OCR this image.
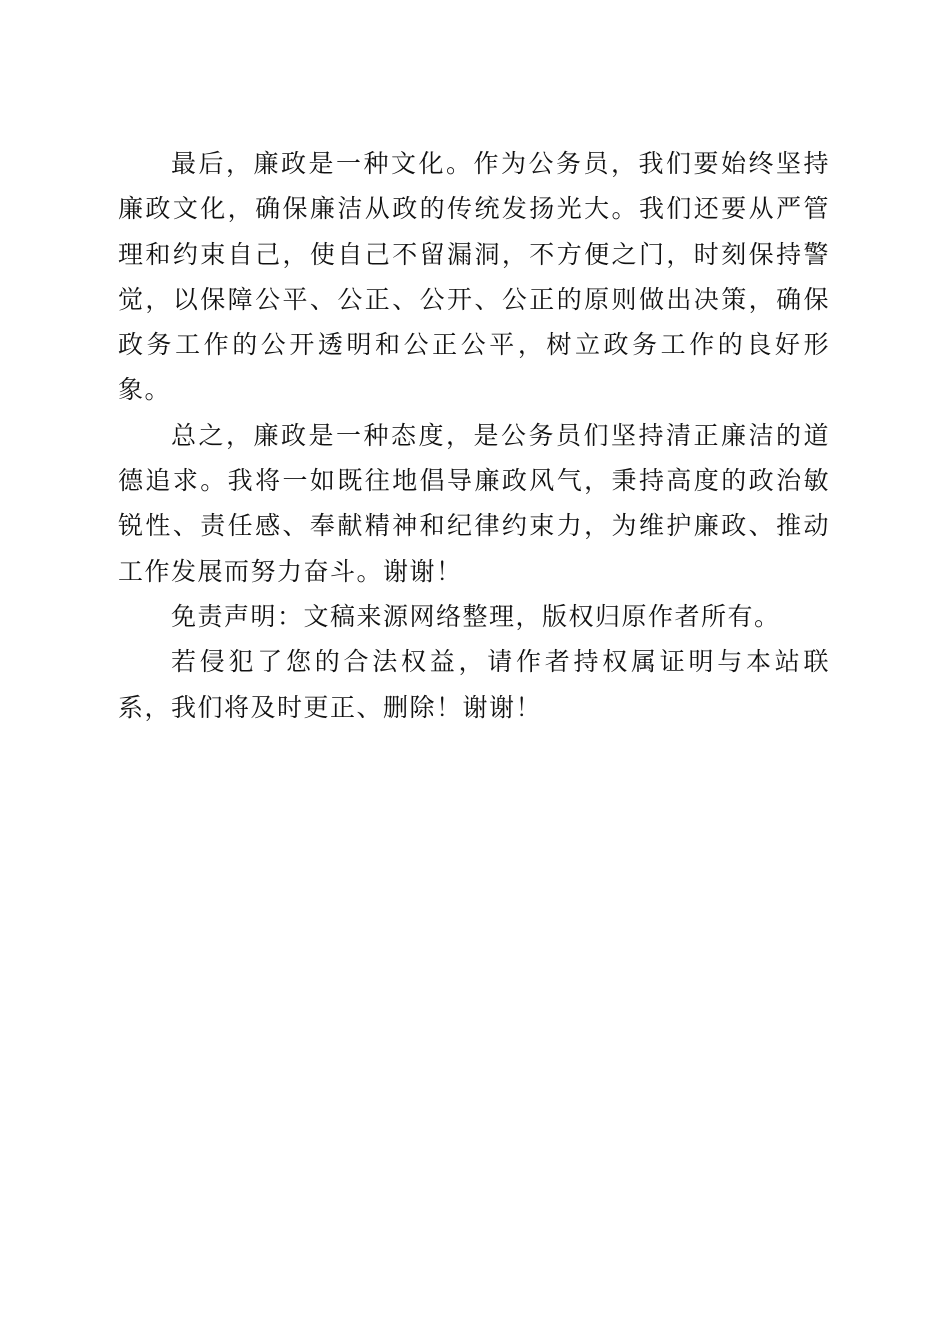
最后，廉政是一种文化。作为公务员，我们要始终坚持廉政文化，确保廉洁从政的传统发扬光大。我们还要从严管理和约束自己，使自己不留漏洞，不方便之门，时刻保持警觉，以保障公平、公正、公开、公正的原则做出决策，确保政务工作的公开透明和公正公平，树立政务工作的良好形象。

总之，廉政是一种态度，是公务员们坚持清正廉洁的道德追求。我将一如既往地倡导廉政风气，秉持高度的政治敏锐性、责任感、奉献精神和纪律约束力，为维护廉政、推动工作发展而努力奋斗。谢谢！

免责声明：文稿来源网络整理，版权归原作者所有。

若侵犯了您的合法权益，请作者持权属证明与本站联系，我们将及时更正、删除！谢谢！
